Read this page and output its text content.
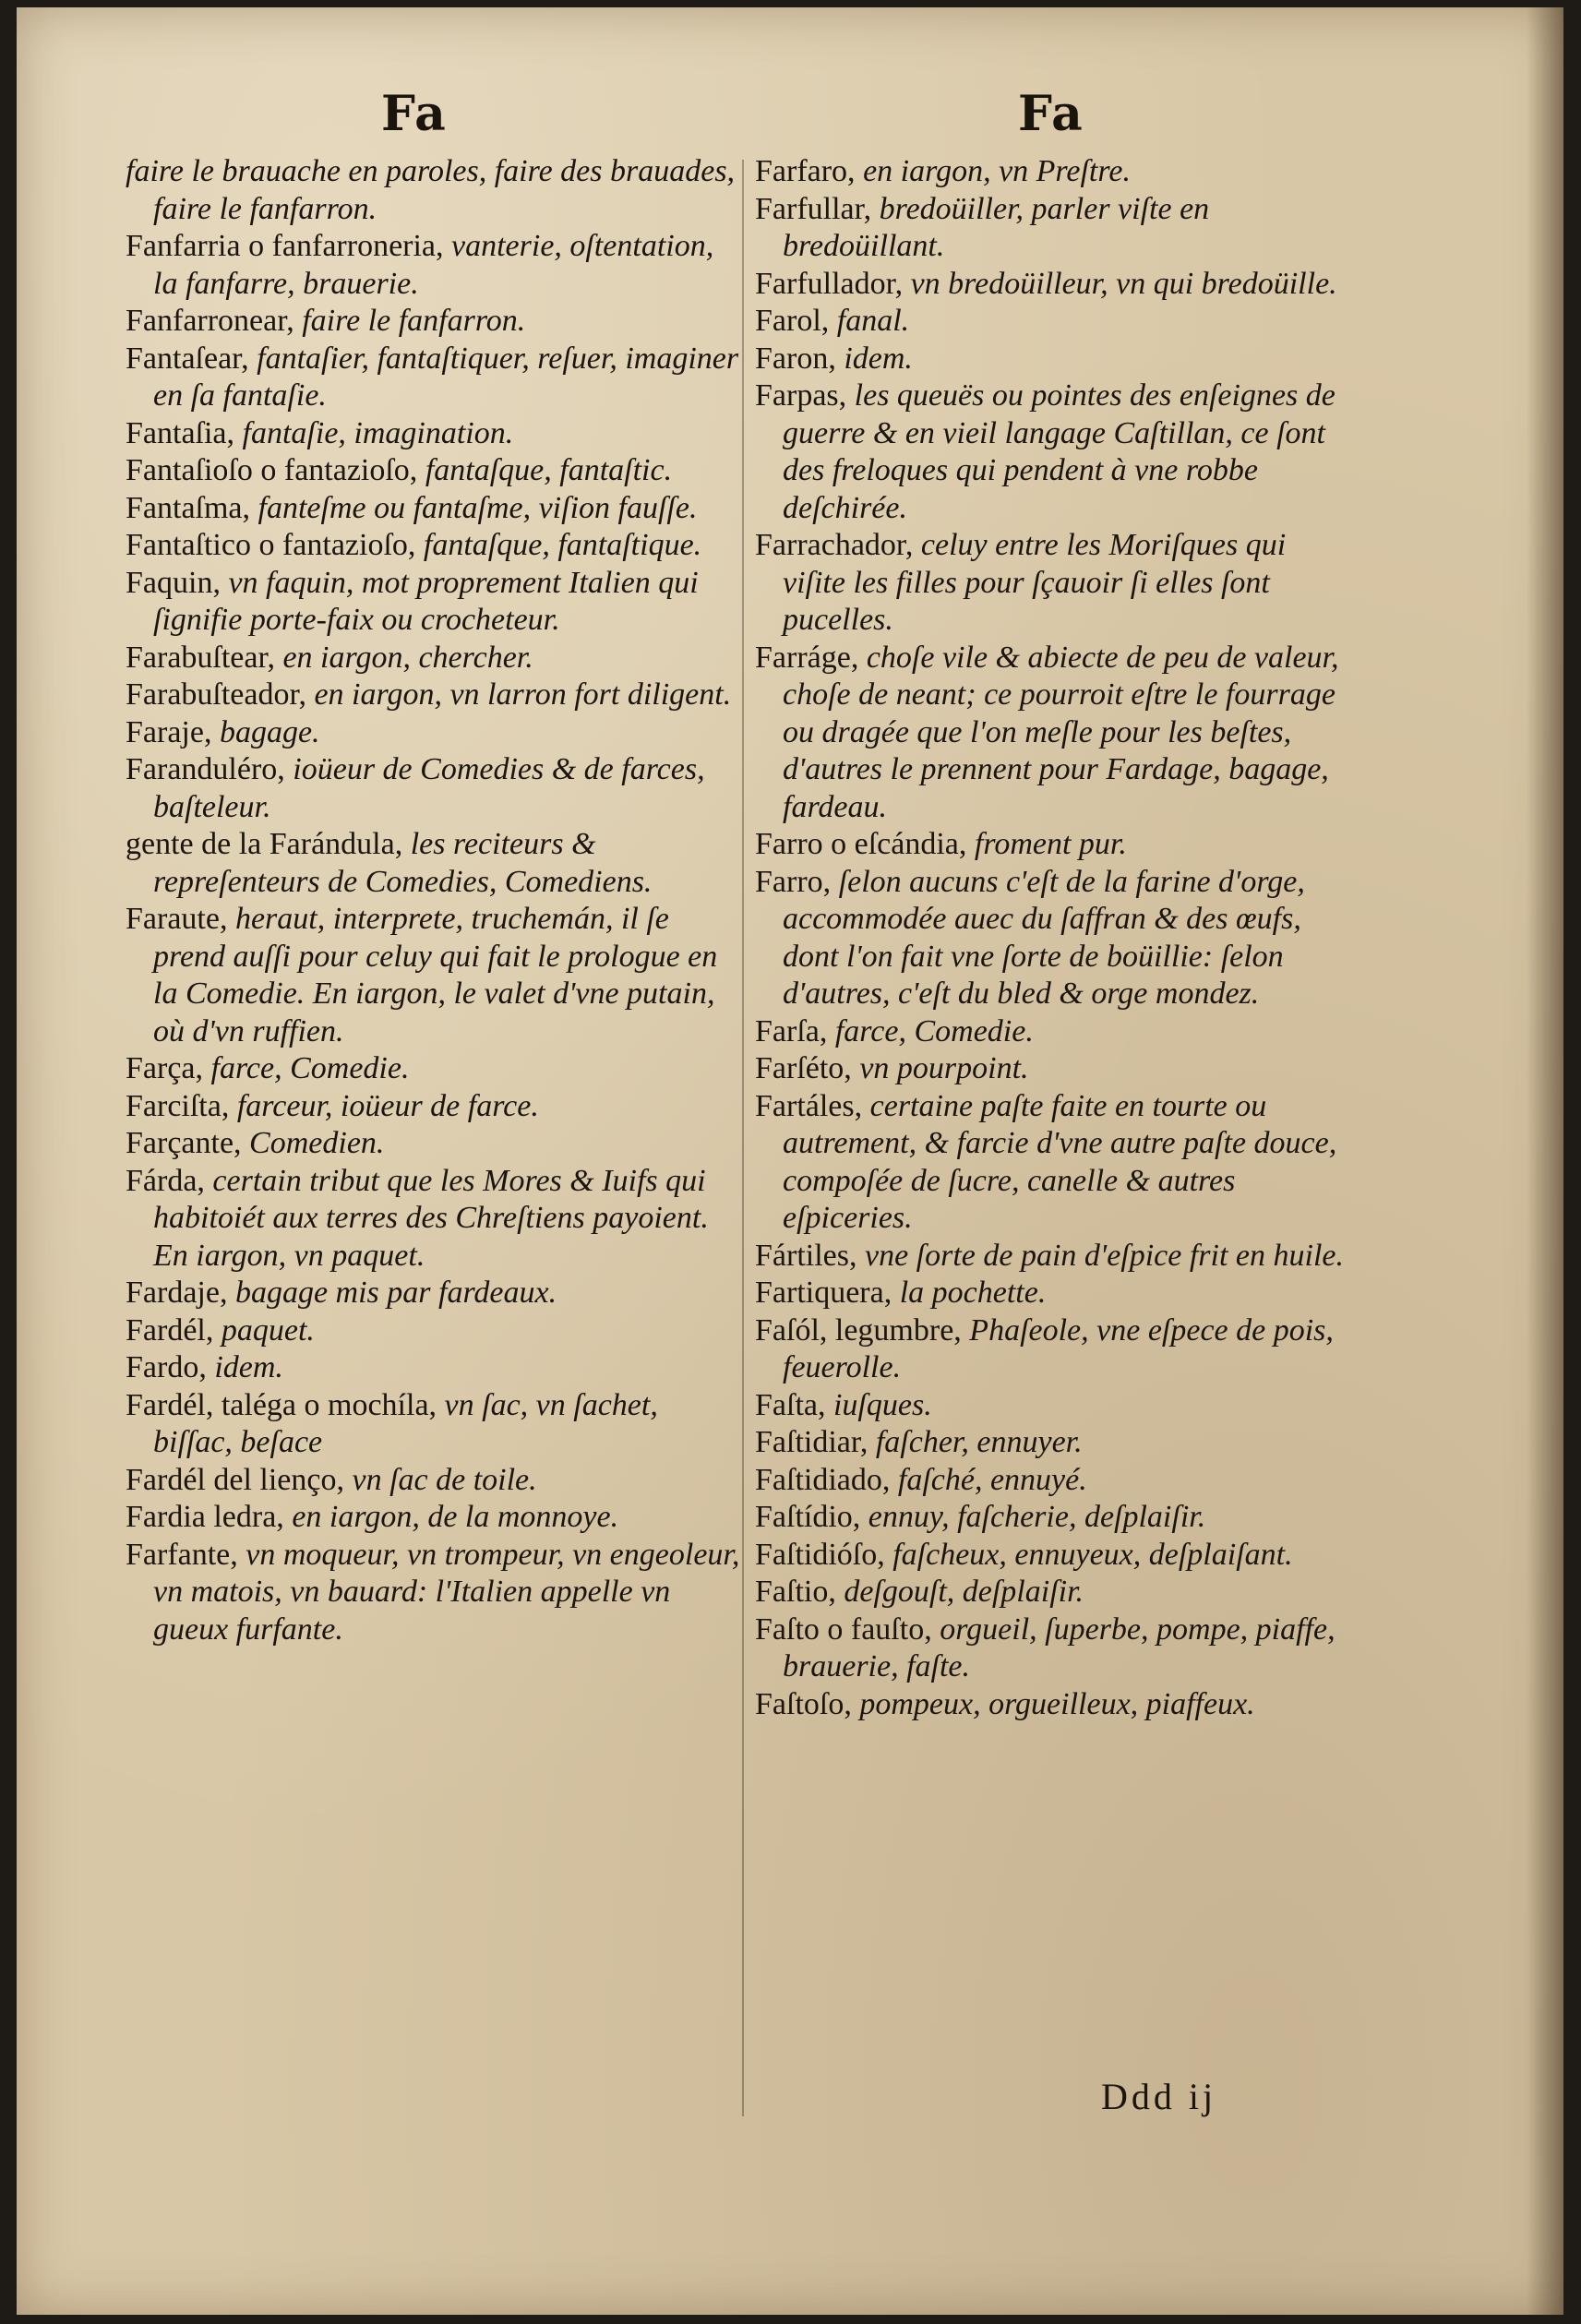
Fa	Fa

faire le brauache en paroles, faire des brauades, faire le fanfarron.

Fanfarria o fanfarroneria, vanterie, oſtentation, la fanfarre, brauerie.

Fanfarronear, faire le fanfarron.

Fantaſear, fantaſier, fantaſtiquer, reſuer, imaginer en ſa fantaſie.

Fantaſia, fantaſie, imagination.

Fantaſioſo o fantazioſo, fantaſque, fantaſtic.

Fantaſma, fanteſme ou fantaſme, viſion fauſſe.

Fantaſtico o fantazioſo, fantaſque, fantaſtique.

Faquin, vn faquin, mot proprement Italien qui ſignifie porte-faix ou crocheteur.

Farabuſtear, en iargon, chercher.

Farabuſteador, en iargon, vn larron fort diligent.

Faraje, bagage.

Faranduléro, ioüeur de Comedies & de farces, baſteleur.

gente de la Farándula, les reciteurs & repreſenteurs de Comedies, Comediens.

Faraute, heraut, interprete, truchemán, il ſe prend auſſi pour celuy qui fait le prologue en la Comedie. En iargon, le valet d'vne putain, où d'vn ruffien.

Farça, farce, Comedie.

Farciſta, farceur, ioüeur de farce.

Farçante, Comedien.

Fárda, certain tribut que les Mores & Iuifs qui habitoiét aux terres des Chreſtiens payoient. En iargon, vn paquet.

Fardaje, bagage mis par fardeaux.

Fardél, paquet.

Fardo, idem.

Fardél, taléga o mochíla, vn ſac, vn ſachet, biſſac, beſace

Fardél del lienço, vn ſac de toile.

Fardia ledra, en iargon, de la monnoye.

Farfante, vn moqueur, vn trompeur, vn engeoleur, vn matois, vn bauard: l'Italien appelle vn gueux furfante.

Farfaro, en iargon, vn Preſtre.

Farfullar, bredoüiller, parler viſte en bredoüillant.

Farfullador, vn bredoüilleur, vn qui bredoüille.

Farol, fanal.

Faron, idem.

Farpas, les queuës ou pointes des enſeignes de guerre & en vieil langage Caſtillan, ce ſont des freloques qui pendent à vne robbe deſchirée.

Farrachador, celuy entre les Moriſques qui viſite les filles pour ſçauoir ſi elles ſont pucelles.

Farráge, choſe vile & abiecte de peu de valeur, choſe de neant; ce pourroit eſtre le fourrage ou dragée que l'on meſle pour les beſtes, d'autres le prennent pour Fardage, bagage, fardeau.

Farro o eſcándia, froment pur.

Farro, ſelon aucuns c'eſt de la farine d'orge, accommodée auec du ſaffran & des œufs, dont l'on fait vne ſorte de boüillie: ſelon d'autres, c'eſt du bled & orge mondez.

Farſa, farce, Comedie.

Farſéto, vn pourpoint.

Fartáles, certaine paſte faite en tourte ou autrement, & farcie d'vne autre paſte douce, compoſée de ſucre, canelle & autres eſpiceries.

Fártiles, vne ſorte de pain d'eſpice frit en huile.

Fartiquera, la pochette.

Faſól, legumbre, Phaſeole, vne eſpece de pois, feuerolle.

Faſta, iuſques.

Faſtidiar, faſcher, ennuyer.

Faſtidiado, faſché, ennuyé.

Faſtídio, ennuy, faſcherie, deſplaiſir.

Faſtidióſo, faſcheux, ennuyeux, deſplaiſant.

Faſtio, deſgouſt, deſplaiſir.

Faſto o fauſto, orgueil, ſuperbe, pompe, piaffe, brauerie, faſte.

Faſtoſo, pompeux, orgueilleux, piaffeux.

Ddd ij
